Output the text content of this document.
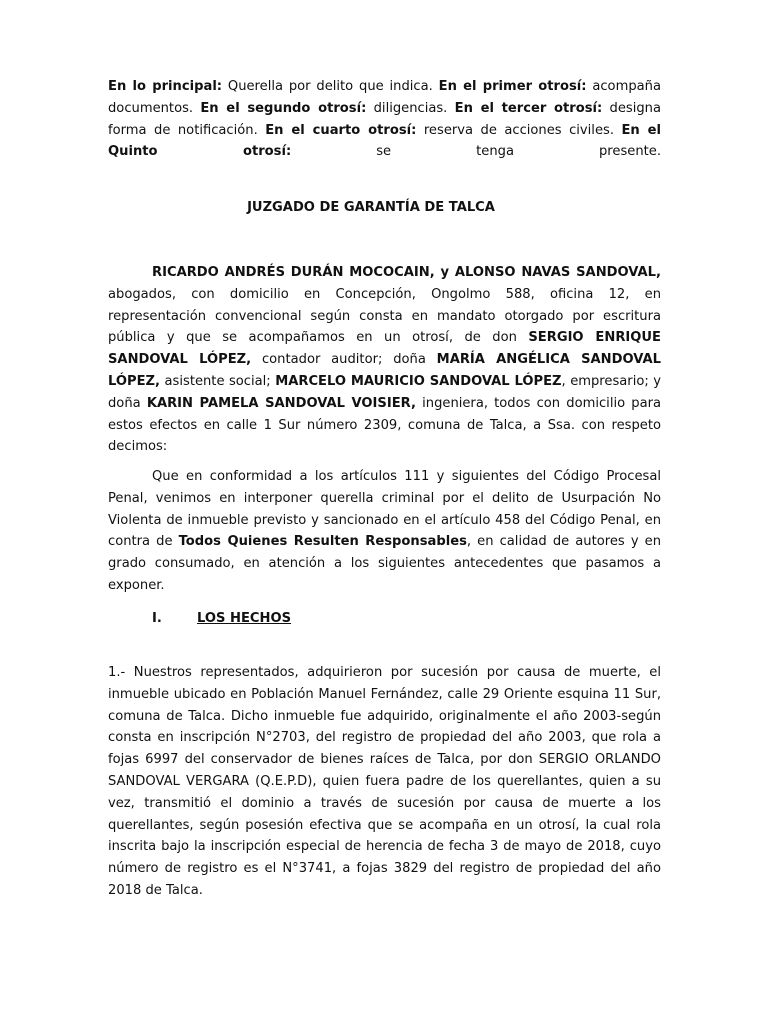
En lo principal: Querella por delito que indica. En el primer otrosí: acompaña documentos. En el segundo otrosí: diligencias. En el tercer otrosí: designa forma de notificación. En el cuarto otrosí: reserva de acciones civiles. En el Quinto otrosí: se tenga presente.

JUZGADO DE GARANTÍA DE TALCA

RICARDO ANDRÉS DURÁN MOCOCAIN, y ALONSO NAVAS SANDOVAL, abogados, con domicilio en Concepción, Ongolmo 588, oficina 12, en representación convencional según consta en mandato otorgado por escritura pública y que se acompañamos en un otrosí, de don SERGIO ENRIQUE SANDOVAL LÓPEZ, contador auditor; doña MARÍA ANGÉLICA SANDOVAL LÓPEZ, asistente social; MARCELO MAURICIO SANDOVAL LÓPEZ, empresario; y doña KARIN PAMELA SANDOVAL VOISIER, ingeniera, todos con domicilio para estos efectos en calle 1 Sur número 2309, comuna de Talca, a Ssa. con respeto decimos:

Que en conformidad a los artículos 111 y siguientes del Código Procesal Penal, venimos en interponer querella criminal por el delito de Usurpación No Violenta de inmueble previsto y sancionado en el artículo 458 del Código Penal, en contra de Todos Quienes Resulten Responsables, en calidad de autores y en grado consumado, en atención a los siguientes antecedentes que pasamos a exponer.

I.	LOS HECHOS

1.- Nuestros representados, adquirieron por sucesión por causa de muerte, el inmueble ubicado en Población Manuel Fernández, calle 29 Oriente esquina 11 Sur, comuna de Talca. Dicho inmueble fue adquirido, originalmente el año 2003-según consta en inscripción N°2703, del registro de propiedad del año 2003, que rola a fojas 6997 del conservador de bienes raíces de Talca, por don SERGIO ORLANDO SANDOVAL VERGARA (Q.E.P.D), quien fuera padre de los querellantes, quien a su vez, transmitió el dominio a través de sucesión por causa de muerte a los querellantes, según posesión efectiva que se acompaña en un otrosí, la cual rola inscrita bajo la inscripción especial de herencia de fecha 3 de mayo de 2018, cuyo número de registro es el N°3741, a fojas 3829 del registro de propiedad del año 2018 de Talca.
